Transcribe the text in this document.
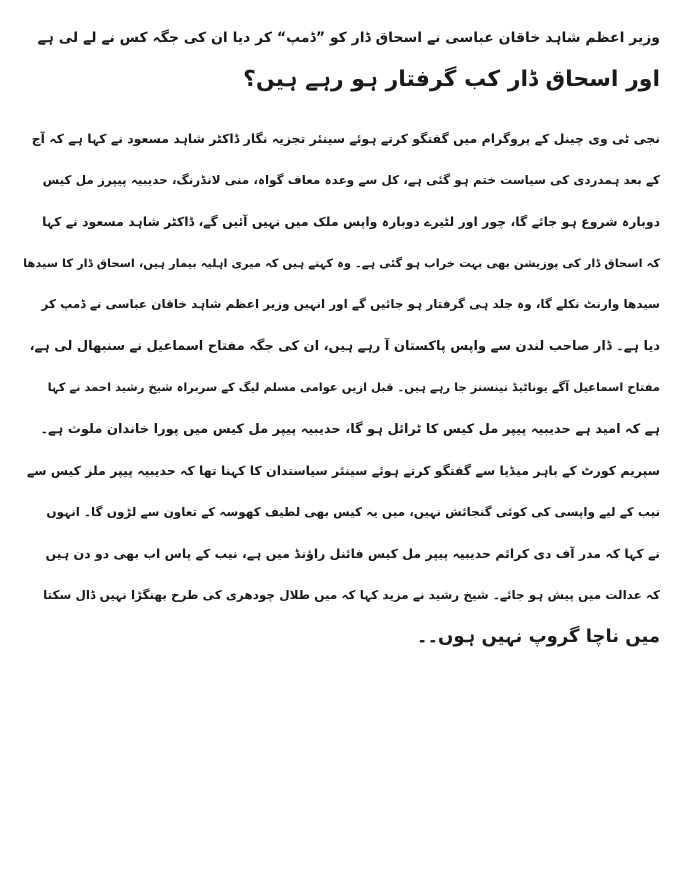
وزیر اعظم شاہد خاقان عباسی نے اسحاق ڈار کو ”ڈمپ“ کر دیا ان کی جگہ کس نے لے لی ہے
اور اسحاق ڈار کب گرفتار ہو رہے ہیں؟
نجی ٹی وی چینل کے پروگرام میں گفتگو کرتے ہوئے سینئر تجزیہ نگار ڈاکٹر شاہد مسعود نے کہا ہے کہ آج
کے بعد ہمدردی کی سیاست ختم ہو گئی ہے، کل سے وعدہ معاف گواہ، منی لانڈرنگ، حدیبیہ پیپرز مل کیس
دوبارہ شروع ہو جائے گا، چور اور لٹیرے دوبارہ واپس ملک میں نہیں آئیں گے، ڈاکٹر شاہد مسعود نے کہا
کہ اسحاق ڈار کی پوزیشن بھی بہت خراب ہو گئی ہے۔ وہ کہتے ہیں کہ میری اہلیہ بیمار ہیں، اسحاق ڈار کا سیدھا
سیدھا وارنٹ نکلے گا، وہ جلد ہی گرفتار ہو جائیں گے اور انہیں وزیر اعظم شاہد خاقان عباسی نے ڈمپ کر
دیا ہے۔ ڈار صاحب لندن سے واپس پاکستان آ رہے ہیں، ان کی جگہ مفتاح اسماعیل نے سنبھال لی ہے،
مفتاح اسماعیل آگے یوناٹیڈ نینسنز جا رہے ہیں۔ قبل ازیں عوامی مسلم لیگ کے سربراہ شیخ رشید احمد نے کہا
ہے کہ امید ہے حدیبیہ پیپر مل کیس کا ٹرائل ہو گا، حدیبیہ پیپر مل کیس میں پورا خاندان ملوث ہے۔
سپریم کورٹ کے باہر میڈیا سے گفتگو کرتے ہوئے سینئر سیاستدان کا کہنا تھا کہ حدیبیہ پیپر ملز کیس سے
نیب کے لیے واپسی کی کوئی گنجائش نہیں، میں یہ کیس بھی لطیف کھوسہ کے تعاون سے لڑوں گا۔ انہوں
نے کہا کہ مدر آف دی کرائم حدیبیہ پیپر مل کیس فائنل راؤنڈ میں ہے، نیب کے پاس اب بھی دو دن ہیں
کہ عدالت میں پیش ہو جائے۔ شیخ رشید نے مزید کہا کہ میں طلال چودھری کی طرح بھنگڑا نہیں ڈال سکتا
میں ناچا گروپ نہیں ہوں۔۔
